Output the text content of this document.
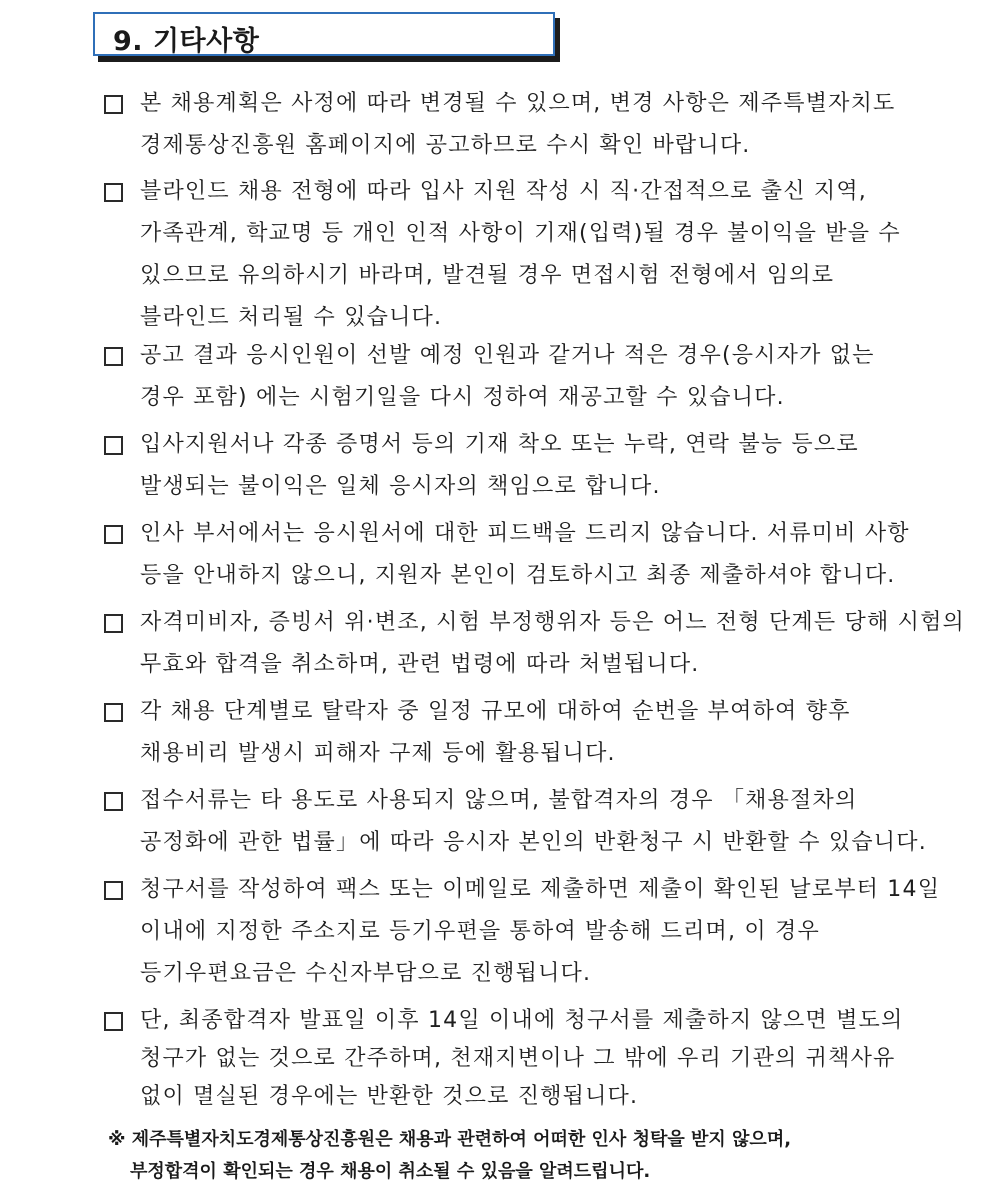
9. 기타사항
본 채용계획은 사정에 따라 변경될 수 있으며, 변경 사항은 제주특별자치도
경제통상진흥원 홈페이지에 공고하므로 수시 확인 바랍니다.
블라인드 채용 전형에 따라 입사 지원 작성 시 직·간접적으로 출신 지역,
가족관계, 학교명 등 개인 인적 사항이 기재(입력)될 경우 불이익을 받을 수
있으므로 유의하시기 바라며, 발견될 경우 면접시험 전형에서 임의로
블라인드 처리될 수 있습니다.
공고 결과 응시인원이 선발 예정 인원과 같거나 적은 경우(응시자가 없는
경우 포함) 에는 시험기일을 다시 정하여 재공고할 수 있습니다.
입사지원서나 각종 증명서 등의 기재 착오 또는 누락, 연락 불능 등으로
발생되는 불이익은 일체 응시자의 책임으로 합니다.
인사 부서에서는 응시원서에 대한 피드백을 드리지 않습니다. 서류미비 사항
등을 안내하지 않으니, 지원자 본인이 검토하시고 최종 제출하셔야 합니다.
자격미비자, 증빙서 위·변조, 시험 부정행위자 등은 어느 전형 단계든 당해 시험의
무효와 합격을 취소하며, 관련 법령에 따라 처벌됩니다.
각 채용 단계별로 탈락자 중 일정 규모에 대하여 순번을 부여하여 향후
채용비리 발생시 피해자 구제 등에 활용됩니다.
접수서류는 타 용도로 사용되지 않으며, 불합격자의 경우 「채용절차의
공정화에 관한 법률」에 따라 응시자 본인의 반환청구 시 반환할 수 있습니다.
청구서를 작성하여 팩스 또는 이메일로 제출하면 제출이 확인된 날로부터 14일
이내에 지정한 주소지로 등기우편을 통하여 발송해 드리며, 이 경우
등기우편요금은 수신자부담으로 진행됩니다.
단, 최종합격자 발표일 이후 14일 이내에 청구서를 제출하지 않으면 별도의
청구가 없는 것으로 간주하며, 천재지변이나 그 밖에 우리 기관의 귀책사유
없이 멸실된 경우에는 반환한 것으로 진행됩니다.
※ 제주특별자치도경제통상진흥원은 채용과 관련하여 어떠한 인사 청탁을 받지 않으며,
부정합격이 확인되는 경우 채용이 취소될 수 있음을 알려드립니다.
